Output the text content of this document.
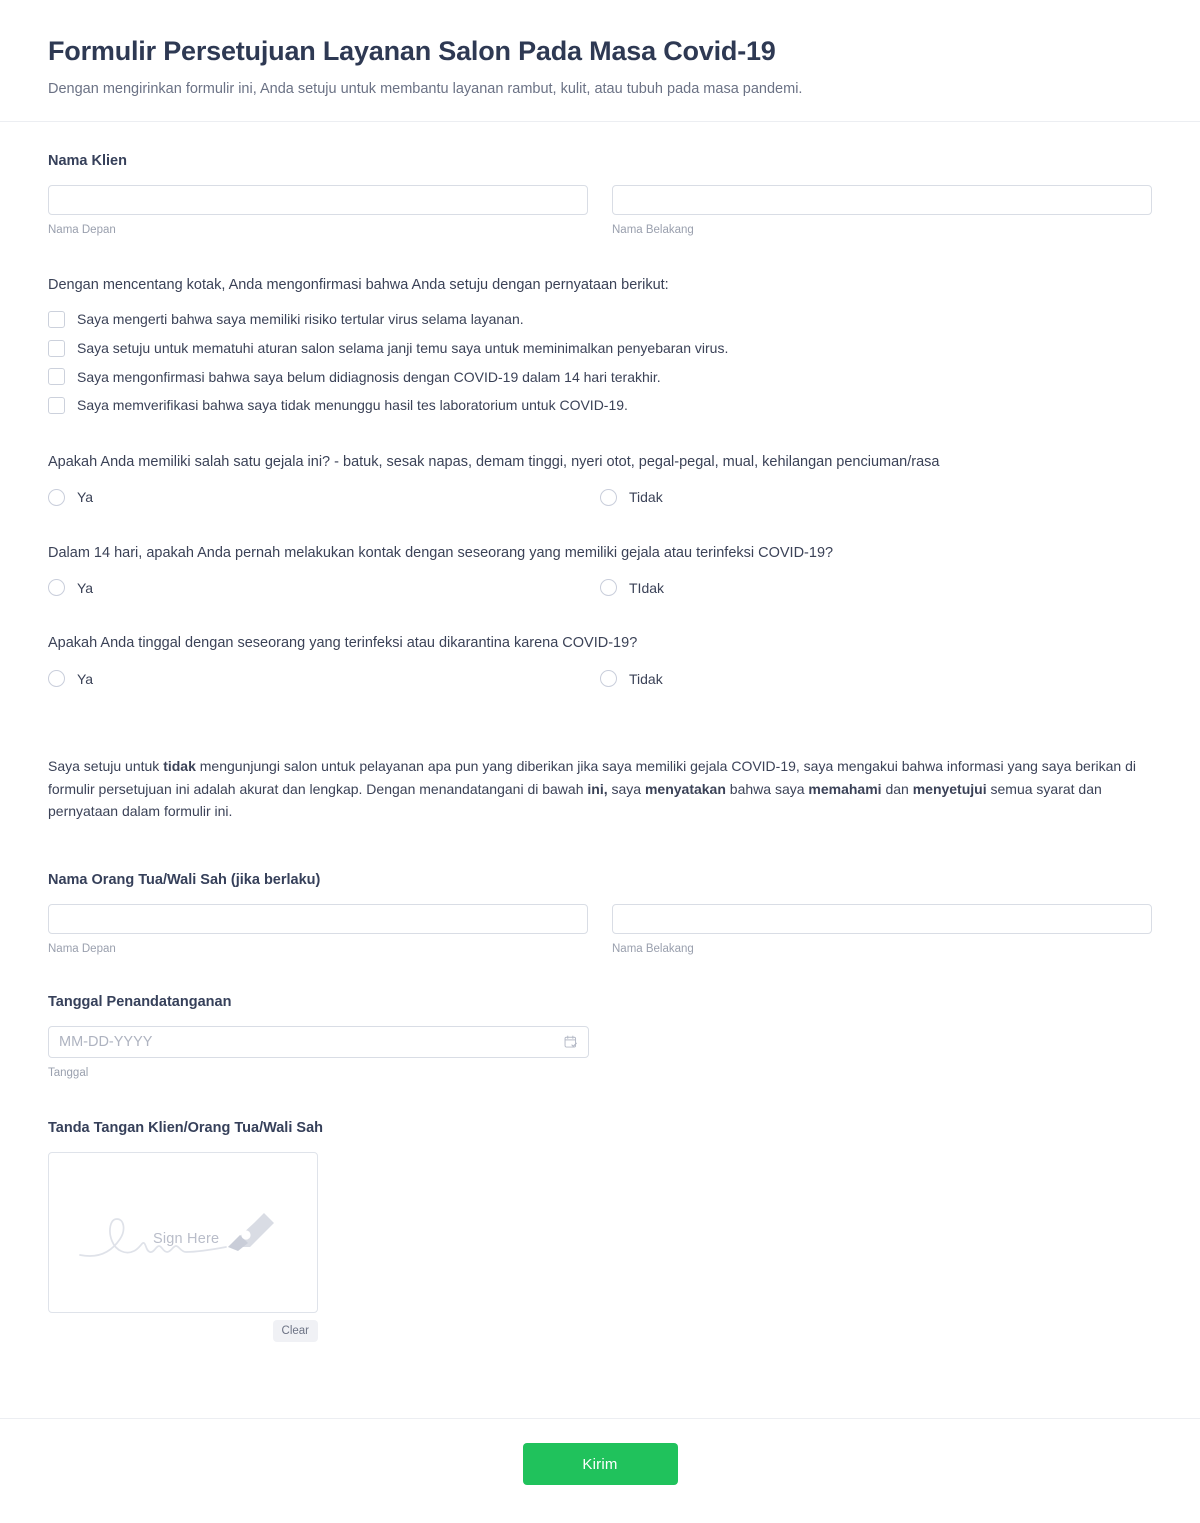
Formulir Persetujuan Layanan Salon Pada Masa Covid-19
Dengan mengirinkan formulir ini, Anda setuju untuk membantu layanan rambut, kulit, atau tubuh pada masa pandemi.
Nama Klien
Nama Depan	Nama Belakang
Dengan mencentang kotak, Anda mengonfirmasi bahwa Anda setuju dengan pernyataan berikut:
Saya mengerti bahwa saya memiliki risiko tertular virus selama layanan.
Saya setuju untuk mematuhi aturan salon selama janji temu saya untuk meminimalkan penyebaran virus.
Saya mengonfirmasi bahwa saya belum didiagnosis dengan COVID-19 dalam 14 hari terakhir.
Saya memverifikasi bahwa saya tidak menunggu hasil tes laboratorium untuk COVID-19.
Apakah Anda memiliki salah satu gejala ini? - batuk, sesak napas, demam tinggi, nyeri otot, pegal-pegal, mual, kehilangan penciuman/rasa
Ya	Tidak
Dalam 14 hari, apakah Anda pernah melakukan kontak dengan seseorang yang memiliki gejala atau terinfeksi COVID-19?
Ya	TIdak
Apakah Anda tinggal dengan seseorang yang terinfeksi atau dikarantina karena COVID-19?
Ya	Tidak
Saya setuju untuk tidak mengunjungi salon untuk pelayanan apa pun yang diberikan jika saya memiliki gejala COVID-19, saya mengakui bahwa informasi yang saya berikan di formulir persetujuan ini adalah akurat dan lengkap. Dengan menandatangani di bawah ini, saya menyatakan bahwa saya memahami dan menyetujui semua syarat dan pernyataan dalam formulir ini.
Nama Orang Tua/Wali Sah (jika berlaku)
Nama Depan	Nama Belakang
Tanggal Penandatanganan
MM-DD-YYYY
Tanggal
Tanda Tangan Klien/Orang Tua/Wali Sah
Sign Here
Clear
Kirim
